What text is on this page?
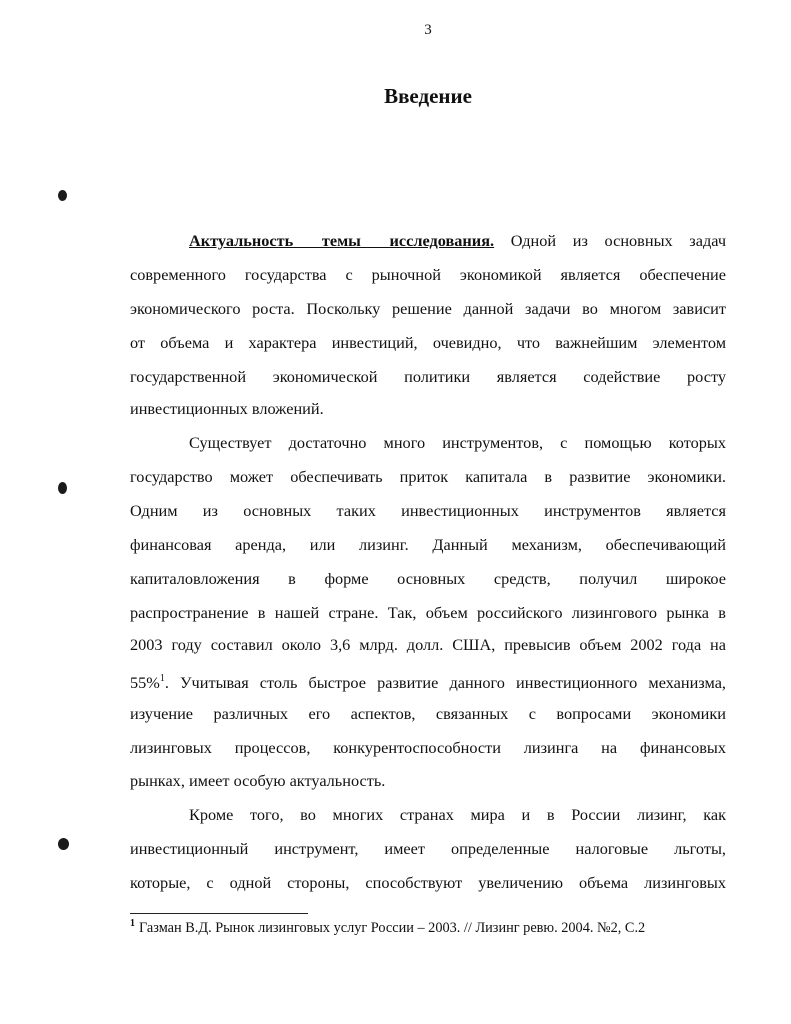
3
Введение
Актуальность темы исследования. Одной из основных задач
современного государства с рыночной экономикой является обеспечение
экономического роста. Поскольку решение данной задачи во многом зависит
от объема и характера инвестиций, очевидно, что важнейшим элементом
государственной экономической политики является содействие росту
инвестиционных вложений.
Существует достаточно много инструментов, с помощью которых
государство может обеспечивать приток капитала в развитие экономики.
Одним из основных таких инвестиционных инструментов является
финансовая аренда, или лизинг. Данный механизм, обеспечивающий
капиталовложения в форме основных средств, получил широкое
распространение в нашей стране. Так, объем российского лизингового рынка в
2003 году составил около 3,6 млрд. долл. США, превысив объем 2002 года на
55%$^1$. Учитывая столь быстрое развитие данного инвестиционного механизма,
изучение различных его аспектов, связанных с вопросами экономики
лизинговых процессов, конкурентоспособности лизинга на финансовых
рынках, имеет особую актуальность.
Кроме того, во многих странах мира и в России лизинг, как
инвестиционный инструмент, имеет определенные налоговые льготы,
которые, с одной стороны, способствуют увеличению объема лизинговых
$^1$ Газман В.Д. Рынок лизинговых услуг России – 2003. // Лизинг ревю. 2004. №2, С.2
